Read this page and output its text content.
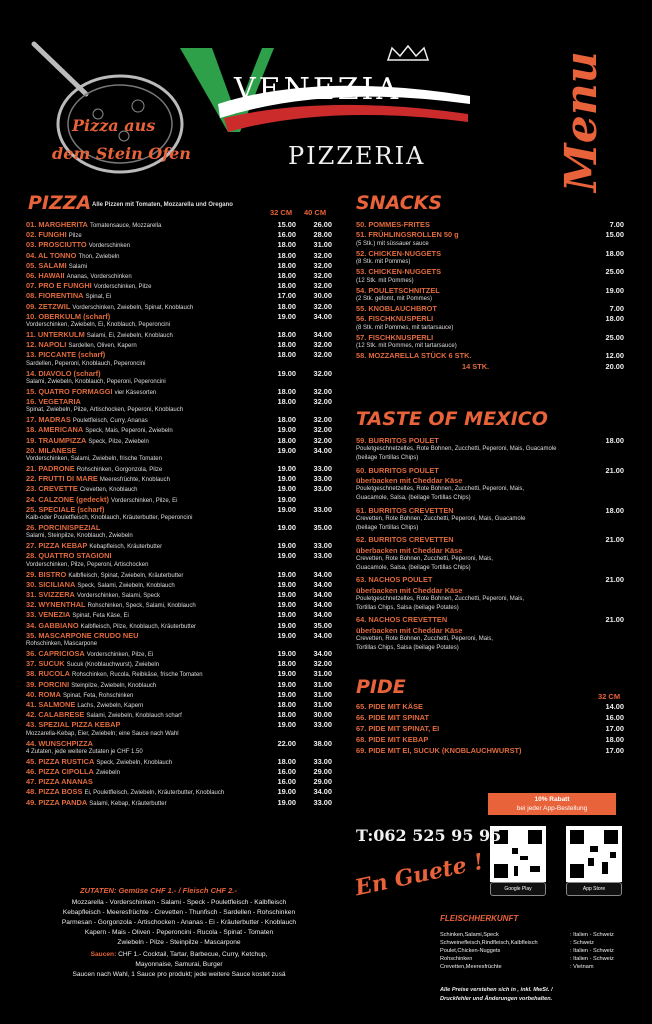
Pizza aus
dem Stein Ofen
VENEZIA
PIZZERIA	Menu
PIZZA Alle Pizzen mit Tomaten, Mozzarella und Oregano
32 CM 40 CM
01. MARGHERITA Tomatensauce, Mozzarella	15.00	26.00
02. FUNGHI Pilze	16.00	28.00
03. PROSCIUTTO Vorderschinken	18.00	31.00
04. AL TONNO Thon, Zwiebeln	18.00	32.00
05. SALAMI Salami	18.00	32.00
06. HAWAII Ananas, Vorderschinken	18.00	32.00
07. PRO E FUNGHI Vorderschinken, Pilze	18.00	32.00
08. FIORENTINA Spinat, Ei	17.00	30.00
09. ZETZWIL Vorderschinken, Zwiebeln, Spinat, Knoblauch	18.00	32.00
10. OBERKULM (scharf)	19.00	34.00
Vorderschinken, Zwiebeln, Ei, Knoblauch, Peperoncini
11. UNTERKULM Salami, Ei, Zwiebeln, Knoblauch	18.00	34.00
12. NAPOLI Sardellen, Oliven, Kapern	18.00	32.00
13. PICCANTE (scharf)	18.00	32.00
Sardellen, Peperoni, Knoblauch, Peperoncini
14. DIAVOLO (scharf)	19.00	32.00
Salami, Zwiebeln, Knoblauch, Peperoni, Peperoncini
15. QUATRO FORMAGGI vier Käsesorten	18.00	32.00
16. VEGETARIA	18.00	32.00
Spinat, Zwiebeln, Pilze, Artischocken, Peperoni, Knoblauch
17. MADRAS Pouletfleisch, Curry, Ananas	18.00	32.00
18. AMERICANA Speck, Mais, Peperoni, Zwiebeln	19.00	32.00
19. TRAUMPIZZA Speck, Pilze, Zwiebeln	18.00	32.00
20. MILANESE	19.00	34.00
Vorderschinken, Salami, Zwiebeln, frische Tomaten
21. PADRONE Rohschinken, Gorgonzola, Pilze	19.00	33.00
22. FRUTTI DI MARE Meeresfrüchte, Knoblauch	19.00	33.00
23. CREVETTE Crevetten, Knoblauch	19.00	33.00
24. CALZONE (gedeckt) Vorderschinken, Pilze, Ei	19.00
25. SPECIALE (scharf)	19.00	33.00
Kalb-oder Pouletfleisch, Knoblauch, Kräuterbutter, Peperoncini
26. PORCINISPEZIAL	19.00	35.00
Salami, Steinpilze, Knoblauch, Zwiebeln
27. PIZZA KEBAP Kebapfleisch, Kräuterbutter	19.00	33.00
28. QUATTRO STAGIONI	19.00	33.00
Vorderschinken, Pilze, Peperoni, Artischocken
29. BISTRO Kalbfleisch, Spinat, Zwiebeln, Kräuterbutter	19.00	34.00
30. SICILIANA Speck, Salami, Zwiebeln, Knoblauch	19.00	34.00
31. SVIZZERA Vorderschinken, Salami, Speck	19.00	34.00
32. WYNENTHAL Rohschinken, Speck, Salami, Knoblauch	19.00	34.00
33. VENEZIA Spinat, Feta Käse, Ei	19.00	34.00
34. GABBIANO Kalbfleisch, Pilze, Knoblauch, Kräuterbutter	19.00	35.00
35. MASCARPONE CRUDO NEU	19.00	34.00
Rohschinken, Mascarpone
36. CAPRICIOSA Vorderschinken, Pilze, Ei	19.00	34.00
37. SUCUK Sucuk (Knoblauchwurst), Zwiebeln	18.00	32.00
38. RUCOLA Rohschinken, Rucola, Reibkäse, frische Tomaten	19.00	31.00
39. PORCINI Steinpilze, Zwiebeln, Knoblauch	19.00	31.00
40. ROMA Spinat, Feta, Rohschinken	19.00	31.00
41. SALMONE Lachs, Zwiebeln, Kapern	18.00	31.00
42. CALABRESE Salami, Zwiebeln, Knoblauch scharf	18.00	30.00
43. SPEZIAL PIZZA KEBAP	19.00	33.00
Mozzarella-Kebap, Eier, Zwiebeln; eine Sauce nach Wahl
44. WUNSCHPIZZA	22.00	38.00
4 Zutaten, jede weitere Zutaten je CHF 1.50
45. PIZZA RUSTICA Speck, Zwiebeln, Knoblauch	18.00	33.00
46. PIZZA CIPOLLA Zwiebeln	16.00	29.00
47. PIZZA ANANAS	16.00	29.00
48. PIZZA BOSS Ei, Pouletfleisch, Zwiebeln, Kräuterbutter, Knoblauch	19.00	34.00
49. PIZZA PANDA Salami, Kebap, Kräuterbutter	19.00	33.00
ZUTATEN: Gemüse CHF 1.- / Fleisch CHF 2.-
Mozzarella - Vorderschinken - Salami - Speck - Pouletfleisch - Kalbfleisch
Kebapfleisch - Meeresfrüchte - Crevetten - Thunfisch - Sardellen - Rohschinken
Parmesan - Gorgonzola - Artischocken - Ananas - Ei - Kräuterbutter - Knoblauch
Kapern - Mais - Oliven - Peperoncini - Rucola - Spinat - Tomaten
Zwiebeln - Pilze - Steinpilze - Mascarpone
Saucen: CHF 1.- Cocktail, Tartar, Barbecue, Curry, Ketchup,
Mayonnaise, Samurai, Burger
Saucen nach Wahl, 1 Sauce pro produkt; jede weitere Sauce kostet zusä
SNACKS
50. POMMES-FRITES	7.00
51. FRÜHLINGSROLLEN 50 g	15.00
(5 Stk.) mit süssauer sauce
52. CHICKEN-NUGGETS	18.00
(8 Stk. mit Pommes)
53. CHICKEN-NUGGETS	25.00
(12 Stk. mit Pommes)
54. POULETSCHNITZEL	19.00
(2 Stk. gefomt, mit Pommes)
55. KNOBLAUCHBROT	7.00
56. FISCHKNUSPERLI	18.00
(8 Stk. mit Pommes, mit tartarsauce)
57. FISCHKNUSPERLI	25.00
(12 Stk. mit Pommes, mit tartarsauce)
58. MOZZARELLA STÜCK 6 STK.	12.00
14 STK.	20.00
TASTE OF MEXICO
59. BURRITOS POULET	18.00
Pouletgeschnetzeltes, Rote Bohnen, Zucchetti, Peperoni, Mais, Guacamole
(beilage Tortillas Chips)
60. BURRITOS POULET	21.00
überbacken mit Cheddar Käse
Pouletgeschnetzeltes, Rote Bohnen, Zucchetti, Peperoni, Mais,
Guacamole, Salsa, (beilage Tortillas Chips)
61. BURRITOS CREVETTEN	18.00
Crevetten, Rote Bohnen, Zucchetti, Peperoni, Mais, Guacamole
(beilage Tortillas Chips)
62. BURRITOS CREVETTEN	21.00
überbacken mit Cheddar Käse
Crevetten, Rote Bohnen, Zucchetti, Peperoni, Mais,
Guacamole, Salsa, (beilage Tortillas Chips)
63. NACHOS POULET	21.00
überbacken mit Cheddar Käse
Pouletgeschnetzeltes, Rote Bohnen, Zucchetti, Peperoni, Mais,
Tortillas Chips, Salsa (beilage Potates)
64. NACHOS CREVETTEN	21.00
überbacken mit Cheddar Käse
Crevetten, Rote Bohnen, Zucchetti, Peperoni, Mais,
Tortillas Chips, Salsa (beilage Potates)
PIDE	32 CM
65. PIDE MIT KÄSE	14.00
66. PIDE MIT SPINAT	16.00
67. PIDE MIT SPINAT, EI	17.00
68. PIDE MIT KEBAP	18.00
69. PIDE MIT EI, SUCUK (KNOBLAUCHWURST)	17.00
10% Rabatt
bei jeder App-Bestellung
Google Play	App Store
T:062 525 95 95
En Guete !
FLEISCHHERKUNFT
Schinken,Salami,Speck	: Italien - Schweiz
Schweinefleisch,Rindfleisch,Kalbfleisch	: Schweiz
Poulet,Chicken-Nuggets	: Italien - Schweiz
Rohschinken	: Italien - Schweiz
Crevetten,Meeresfrüchte	: Vietnam
Alle Preise verstehen sich in , inkl. MwSt. /
Druckfehler und Änderungen vorbehalten.
